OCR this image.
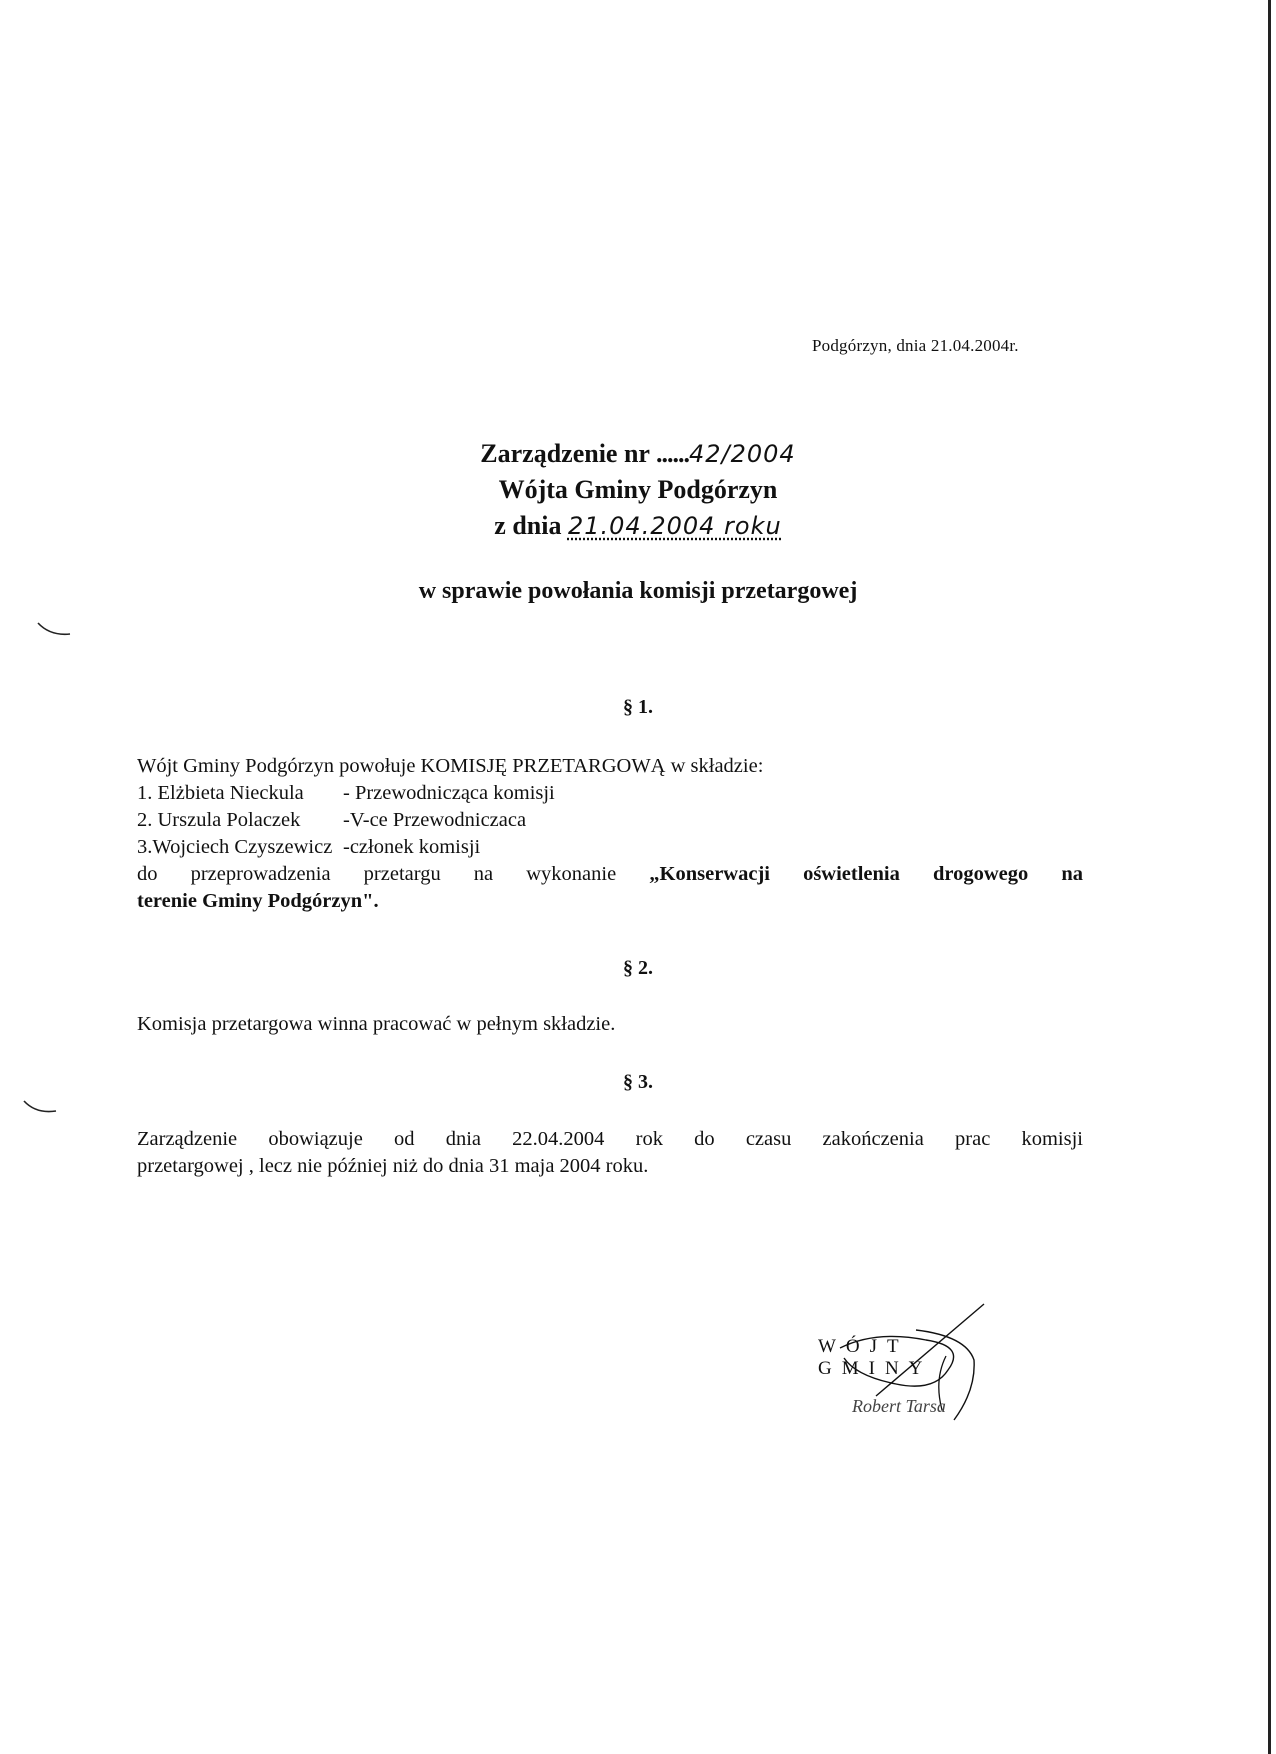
Podgórzyn, dnia 21.04.2004r.
Zarządzenie nr ......42/2004
Wójta Gminy Podgórzyn
z dnia 21.04.2004 roku
w sprawie powołania komisji przetargowej
§ 1.
Wójt Gminy Podgórzyn powołuje KOMISJĘ PRZETARGOWĄ w składzie:
1. Elżbieta Nieckula	- Przewodnicząca komisji
2. Urszula Polaczek	-V-ce Przewodniczaca
3.Wojciech Czyszewicz -członek komisji
do przeprowadzenia przetargu na wykonanie „Konserwacji oświetlenia drogowego na
terenie Gminy Podgórzyn".
§ 2.
Komisja przetargowa winna pracować w pełnym składzie.
§ 3.
Zarządzenie obowiązuje od dnia 22.04.2004 rok do czasu zakończenia prac komisji
przetargowej , lecz nie później niż do dnia 31 maja 2004 roku.
WÓJT GMINY
Robert Tarsa
